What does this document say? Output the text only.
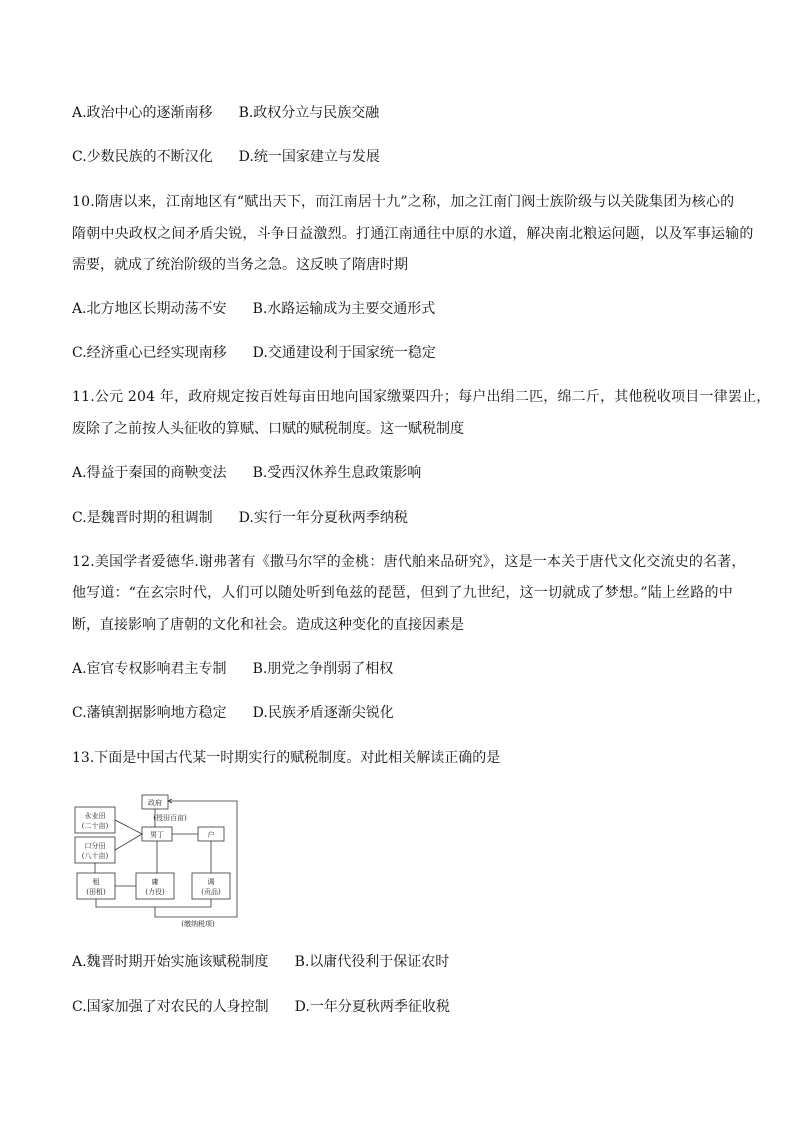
A.政治中心的逐渐南移 B.政权分立与民族交融
C.少数民族的不断汉化 D.统一国家建立与发展
10.隋唐以来，江南地区有“赋出天下，而江南居十九”之称，加之江南门阀士族阶级与以关陇集团为核心的
隋朝中央政权之间矛盾尖锐，斗争日益激烈。打通江南通往中原的水道，解决南北粮运问题，以及军事运输的
需要，就成了统治阶级的当务之急。这反映了隋唐时期
A.北方地区长期动荡不安 B.水路运输成为主要交通形式
C.经济重心已经实现南移 D.交通建设利于国家统一稳定
11.公元 204 年，政府规定按百姓每亩田地向国家缴粟四升；每户出绢二匹，绵二斤，其他税收项目一律罢止，
废除了之前按人头征收的算赋、口赋的赋税制度。这一赋税制度
A.得益于秦国的商鞅变法 B.受西汉休养生息政策影响
C.是魏晋时期的租调制 D.实行一年分夏秋两季纳税
12.美国学者爱德华.谢弗著有《撒马尔罕的金桃：唐代舶来品研究》，这是一本关于唐代文化交流史的名著，
他写道：“在玄宗时代，人们可以随处听到龟兹的琵琶，但到了九世纪，这一切就成了梦想。”陆上丝路的中
断，直接影响了唐朝的文化和社会。造成这种变化的直接因素是
A.宦官专权影响君主专制 B.朋党之争削弱了相权
C.藩镇割据影响地方稳定 D.民族矛盾逐渐尖锐化
13.下面是中国古代某一时期实行的赋税制度。对此相关解读正确的是
政府
(授田百亩)
永业田
(二十亩)
口分田
(八十亩)
男丁	户
租
(田租)
庸
(力役)
调
(贡品)
(缴纳税项)
A.魏晋时期开始实施该赋税制度 B.以庸代役利于保证农时
C.国家加强了对农民的人身控制 D.一年分夏秋两季征收税
